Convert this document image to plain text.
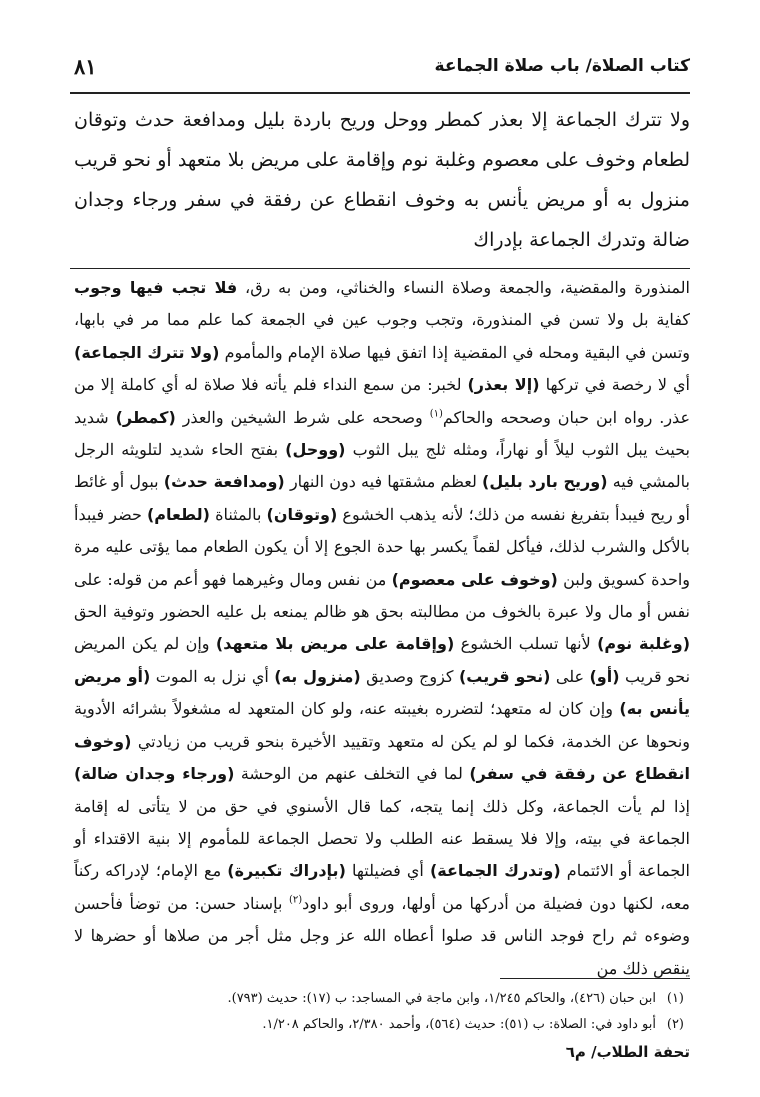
كتاب الصلاة/ باب صلاة الجماعة
٨١
ولا تترك الجماعة إلا بعذر كمطر ووحل وريح باردة بليل ومدافعة حدث وتوقان لطعام وخوف على معصوم وغلبة نوم وإقامة على مريض بلا متعهد أو نحو قريب منزول به أو مريض يأنس به وخوف انقطاع عن رفقة في سفر ورجاء وجدان ضالة وتدرك الجماعة بإدراك

المنذورة والمقضية، والجمعة وصلاة النساء والخناثي، ومن به رق، فلا تجب فيها وجوب كفاية بل ولا تسن في المنذورة، وتجب وجوب عين في الجمعة كما علم مما مر في بابها، وتسن في البقية ومحله في المقضية إذا اتفق فيها صلاة الإمام والمأموم (ولا تترك الجماعة) أي لا رخصة في تركها (إلا بعذر) لخبر: من سمع النداء فلم يأته فلا صلاة له أي كاملة إلا من عذر. رواه ابن حبان وصححه والحاكم$^{(١)}$ وصححه على شرط الشيخين والعذر (كمطر) شديد بحيث يبل الثوب ليلاً أو نهاراً، ومثله ثلج يبل الثوب (ووحل) بفتح الحاء شديد لتلويثه الرجل بالمشي فيه (وريح بارد بليل) لعظم مشقتها فيه دون النهار (ومدافعة حدث) ببول أو غائط أو ريح فيبدأ بتفريغ نفسه من ذلك؛ لأنه يذهب الخشوع (وتوقان) بالمثناة (لطعام) حضر فيبدأ بالأكل والشرب لذلك، فيأكل لقماً يكسر بها حدة الجوع إلا أن يكون الطعام مما يؤتى عليه مرة واحدة كسويق ولبن (وخوف على معصوم) من نفس ومال وغيرهما فهو أعم من قوله: على نفس أو مال ولا عبرة بالخوف من مطالبته بحق هو ظالم يمنعه بل عليه الحضور وتوفية الحق (وغلبة نوم) لأنها تسلب الخشوع (وإقامة على مريض بلا متعهد) وإن لم يكن المريض نحو قريب (أو) على (نحو قريب) كزوج وصديق (منزول به) أي نزل به الموت (أو مريض يأنس به) وإن كان له متعهد؛ لتضرره بغيبته عنه، ولو كان المتعهد له مشغولاً بشرائه الأدوية ونحوها عن الخدمة، فكما لو لم يكن له متعهد وتقييد الأخيرة بنحو قريب من زيادتي (وخوف انقطاع عن رفقة في سفر) لما في التخلف عنهم من الوحشة (ورجاء وجدان ضالة) إذا لم يأت الجماعة، وكل ذلك إنما يتجه، كما قال الأسنوي في حق من لا يتأتى له إقامة الجماعة في بيته، وإلا فلا يسقط عنه الطلب ولا تحصل الجماعة للمأموم إلا بنية الاقتداء أو الجماعة أو الائتمام (وتدرك الجماعة) أي فضيلتها (بإدراك تكبيرة) مع الإمام؛ لإدراكه ركناً معه، لكنها دون فضيلة من أدركها من أولها، وروى أبو داود$^{(٢)}$ بإسناد حسن: من توضأ فأحسن وضوءه ثم راح فوجد الناس قد صلوا أعطاه الله عز وجل مثل أجر من صلاها أو حضرها لا ينقص ذلك من

(١)ابن حبان (٤٢٦)، والحاكم ١/٢٤٥، وابن ماجة في المساجد: ب (١٧): حديث (٧٩٣).
(٢)أبو داود في: الصلاة: ب (٥١): حديث (٥٦٤)، وأحمد ٢/٣٨٠، والحاكم ١/٢٠٨.
تحفة الطلاب/ م٦
